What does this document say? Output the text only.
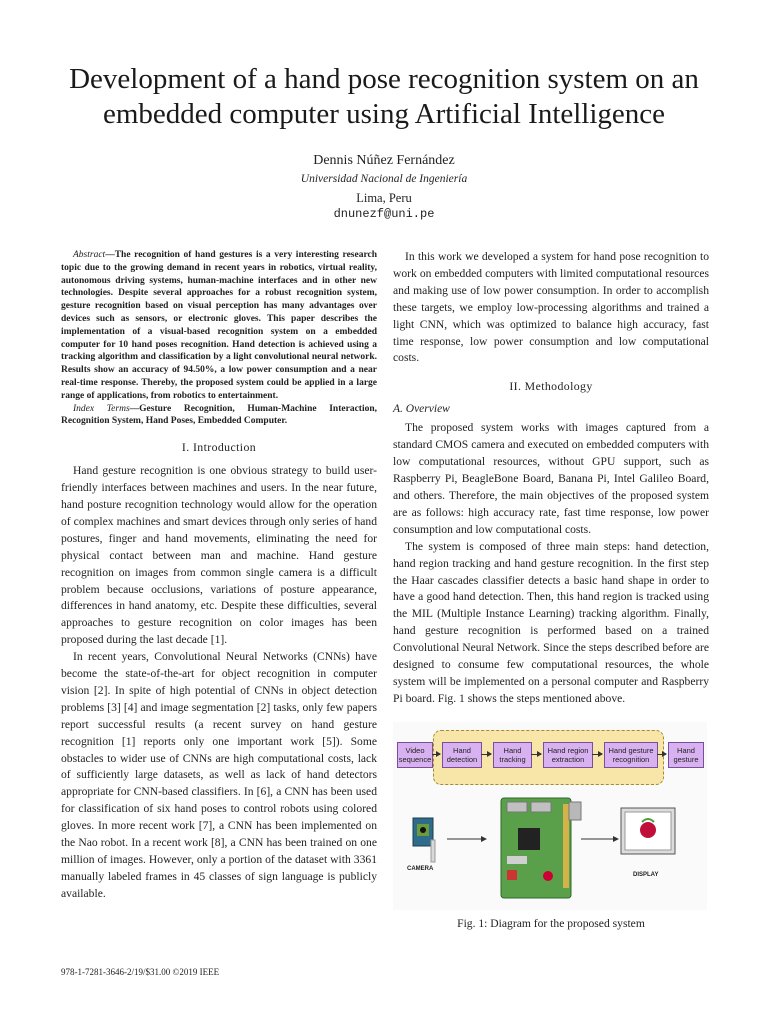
Development of a hand pose recognition system on an embedded computer using Artificial Intelligence
Dennis Núñez Fernández
Universidad Nacional de Ingeniería
Lima, Peru
dnunezf@uni.pe

Abstract—The recognition of hand gestures is a very interesting research topic due to the growing demand in recent years in robotics, virtual reality, autonomous driving systems, human-machine interfaces and in other new technologies. Despite several approaches for a robust recognition system, gesture recognition based on visual perception has many advantages over devices such as sensors, or electronic gloves. This paper describes the implementation of a visual-based recognition system on a embedded computer for 10 hand poses recognition. Hand detection is achieved using a tracking algorithm and classification by a light convolutional neural network. Results show an accuracy of 94.50%, a low power consumption and a near real-time response. Thereby, the proposed system could be applied in a large range of applications, from robotics to entertainment.

Index Terms—Gesture Recognition, Human-Machine Interaction, Recognition System, Hand Poses, Embedded Computer.

I. Introduction

Hand gesture recognition is one obvious strategy to build user-friendly interfaces between machines and users. In the near future, hand posture recognition technology would allow for the operation of complex machines and smart devices through only series of hand postures, finger and hand movements, eliminating the need for physical contact between man and machine. Hand gesture recognition on images from common single camera is a difficult problem because occlusions, variations of posture appearance, differences in hand anatomy, etc. Despite these difficulties, several approaches to gesture recognition on color images has been proposed during the last decade [1].

In recent years, Convolutional Neural Networks (CNNs) have become the state-of-the-art for object recognition in computer vision [2]. In spite of high potential of CNNs in object detection problems [3] [4] and image segmentation [2] tasks, only few papers report successful results (a recent survey on hand gesture recognition [1] reports only one important work [5]). Some obstacles to wider use of CNNs are high computational costs, lack of sufficiently large datasets, as well as lack of hand detectors appropriate for CNN-based classifiers. In [6], a CNN has been used for classification of six hand poses to control robots using colored gloves. In more recent work [7], a CNN has been implemented on the Nao robot. In a recent work [8], a CNN has been trained on one million of images. However, only a portion of the dataset with 3361 manually labeled frames in 45 classes of sign language is publicly available.

In this work we developed a system for hand pose recognition to work on embedded computers with limited computational resources and making use of low power consumption. In order to accomplish these targets, we employ low-processing algorithms and trained a light CNN, which was optimized to balance high accuracy, fast time response, low power consumption and low computational costs.

II. Methodology
A. Overview

The proposed system works with images captured from a standard CMOS camera and executed on embedded computers with low computational resources, without GPU support, such as Raspberry Pi, BeagleBone Board, Banana Pi, Intel Galileo Board, and others. Therefore, the main objectives of the proposed system are as follows: high accuracy rate, fast time response, low power consumption and low computational costs.

The system is composed of three main steps: hand detection, hand region tracking and hand gesture recognition. In the first step the Haar cascades classifier detects a basic hand shape in order to have a good hand detection. Then, this hand region is tracked using the MIL (Multiple Instance Learning) tracking algorithm. Finally, hand gesture recognition is performed based on a trained Convolutional Neural Network. Since the steps described before are designed to consume few computational resources, the whole system will be implemented on a personal computer and Raspberry Pi board. Fig. 1 shows the steps mentioned above.

Video sequence
Hand detection
Hand tracking
Hand region extraction
Hand gesture recognition
Hand gesture
CAMERA
DISPLAY
Fig. 1: Diagram for the proposed system
978-1-7281-3646-2/19/$31.00 ©2019 IEEE
